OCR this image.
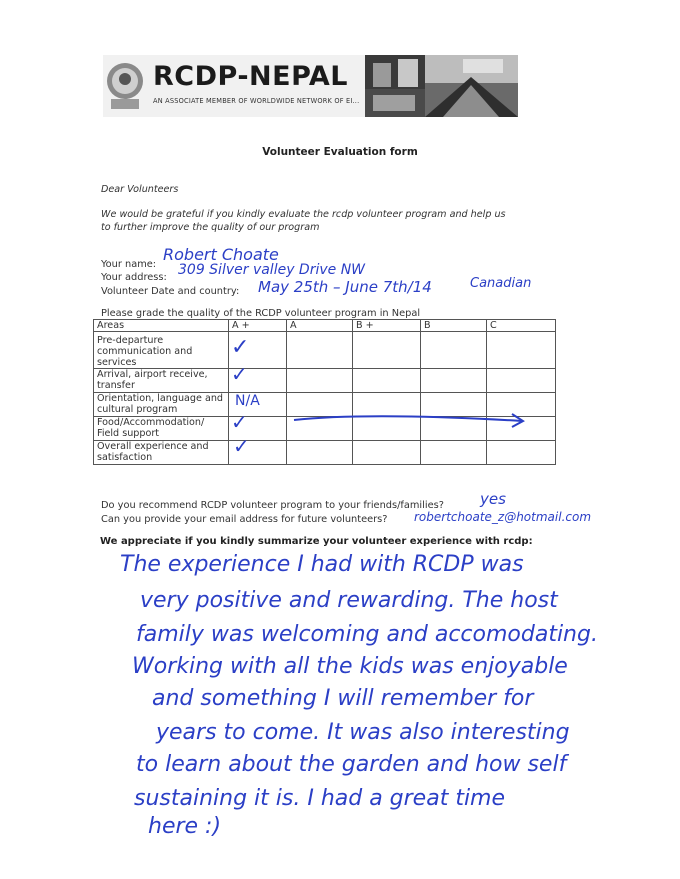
RCDP-NEPAL
AN ASSOCIATE MEMBER OF WORLDWIDE NETWORK OF EI...
Volunteer Evaluation form
Dear Volunteers
We would be grateful if you kindly evaluate the rcdp volunteer program and help us
to further improve the quality of our program
Your name:
Robert Choate
Your address: 309 Silver valley Drive NW
Volunteer Date and country: May 25th – June 7th/14	Canadian
Please grade the quality of the RCDP volunteer program in Nepal
Areas	A +	A	B +	B	C
Pre-departure communication and services	✓				

Arrival, airport receive, transfer	✓				

Orientation, language and cultural program	N/A				

Food/Accommodation/ Field support	✓				

Overall experience and satisfaction	✓				

Do you recommend RCDP volunteer program to your friends/families? yes
Can you provide your email address for future volunteers? robertchoate_z@hotmail.com
We appreciate if you kindly summarize your volunteer experience with rcdp:
The experience I had with RCDP was
very positive and rewarding. The host
family was welcoming and accomodating.
Working with all the kids was enjoyable
and something I will remember for
years to come. It was also interesting
to learn about the garden and how self
sustaining it is. I had a great time
here :)
